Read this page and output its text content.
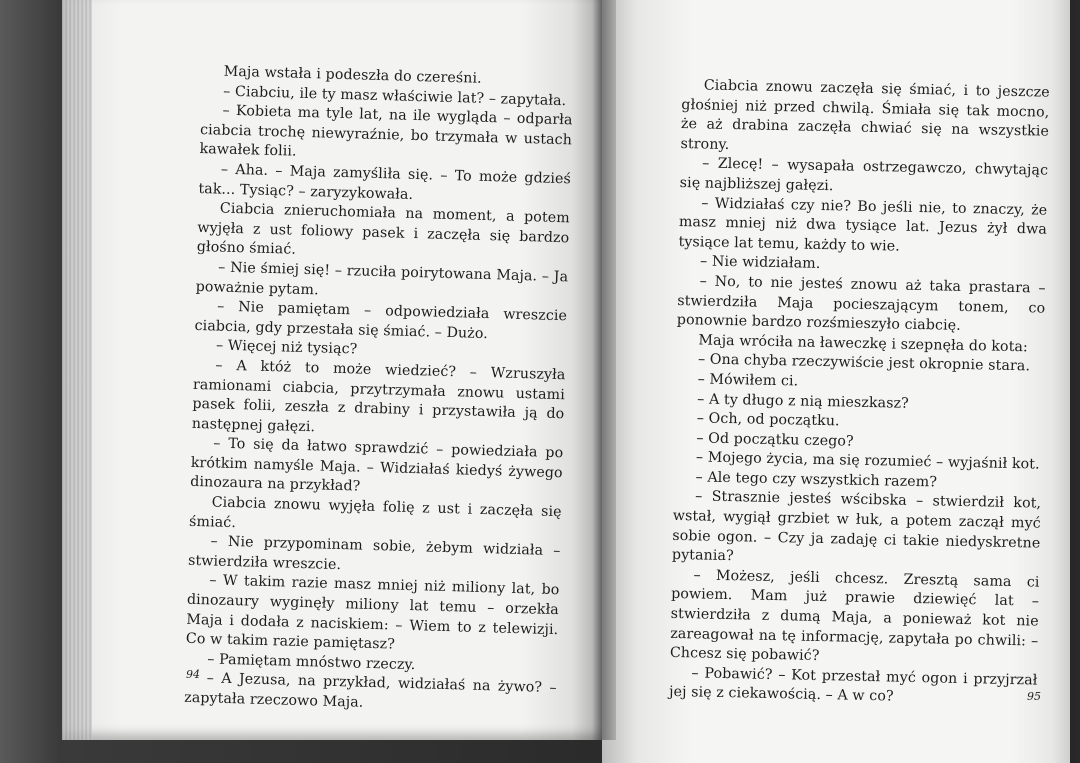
Maja wstała i podeszła do czereśni.

– Ciabciu, ile ty masz właściwie lat? – zapytała.

– Kobieta ma tyle lat, na ile wygląda – odparła ciabcia trochę niewyraźnie, bo trzymała w ustach kawałek folii.

– Aha. – Maja zamyśliła się. – To może gdzieś tak... Tysiąc? – zaryzykowała.

Ciabcia znieruchomiała na moment, a potem wyjęła z ust foliowy pasek i zaczęła się bardzo głośno śmiać.

– Nie śmiej się! – rzuciła poirytowana Maja. – Ja poważnie pytam.

– Nie pamiętam – odpowiedziała wreszcie ciabcia, gdy przestała się śmiać. – Dużo.

– Więcej niż tysiąc?

– A któż to może wiedzieć? – Wzruszyła ramionami ciabcia, przytrzymała znowu ustami pasek folii, zeszła z drabiny i przystawiła ją do następnej gałęzi.

– To się da łatwo sprawdzić – powiedziała po krótkim namyśle Maja. – Widziałaś kiedyś żywego dinozaura na przykład?

Ciabcia znowu wyjęła folię z ust i zaczęła się śmiać.

– Nie przypominam sobie, żebym widziała – stwierdziła wreszcie.

– W takim razie masz mniej niż miliony lat, bo dinozaury wyginęły miliony lat temu – orzekła Maja i dodała z naciskiem: – Wiem to z telewizji. Co w takim razie pamiętasz?

– Pamiętam mnóstwo rzeczy.

– A Jezusa, na przykład, widziałaś na żywo? – zapytała rzeczowo Maja.

94

Ciabcia znowu zaczęła się śmiać, i to jeszcze głośniej niż przed chwilą. Śmiała się tak mocno, że aż drabina zaczęła chwiać się na wszystkie strony.

– Zlecę! – wysapała ostrzegawczo, chwytając się najbliższej gałęzi.

– Widziałaś czy nie? Bo jeśli nie, to znaczy, że masz mniej niż dwa tysiące lat. Jezus żył dwa tysiące lat temu, każdy to wie.

– Nie widziałam.

– No, to nie jesteś znowu aż taka prastara – stwierdziła Maja pocieszającym tonem, co ponownie bardzo rozśmieszyło ciabcię.

Maja wróciła na ławeczkę i szepnęła do kota:

– Ona chyba rzeczywiście jest okropnie stara.

– Mówiłem ci.

– A ty długo z nią mieszkasz?

– Och, od początku.

– Od początku czego?

– Mojego życia, ma się rozumieć – wyjaśnił kot.

– Ale tego czy wszystkich razem?

– Strasznie jesteś wścibska – stwierdził kot, wstał, wygiął grzbiet w łuk, a potem zaczął myć sobie ogon. – Czy ja zadaję ci takie niedyskretne pytania?

– Możesz, jeśli chcesz. Zresztą sama ci powiem. Mam już prawie dziewięć lat – stwierdziła z dumą Maja, a ponieważ kot nie zareagował na tę informację, zapytała po chwili: – Chcesz się pobawić?

– Pobawić? – Kot przestał myć ogon i przyjrzał jej się z ciekawością. – A w co?	95
